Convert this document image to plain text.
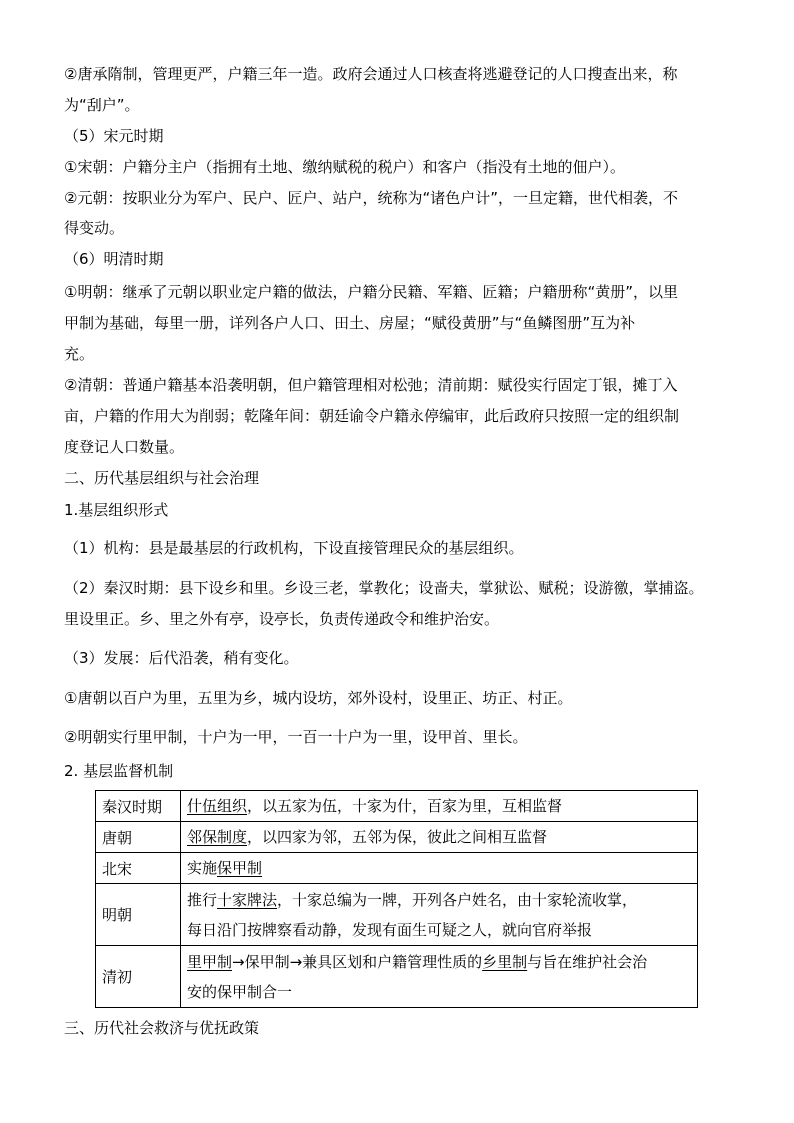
②唐承隋制，管理更严，户籍三年一造。政府会通过人口核查将逃避登记的人口搜查出来，称
为“刮户”。
（5）宋元时期
①宋朝：户籍分主户（指拥有土地、缴纳赋税的税户）和客户（指没有土地的佃户）。
②元朝：按职业分为军户、民户、匠户、站户，统称为“诸色户计”，一旦定籍，世代相袭，不
得变动。
（6）明清时期
①明朝：继承了元朝以职业定户籍的做法，户籍分民籍、军籍、匠籍；户籍册称“黄册”，以里
甲制为基础，每里一册，详列各户人口、田土、房屋；“赋役黄册”与“鱼鳞图册”互为补
充。
②清朝：普通户籍基本沿袭明朝，但户籍管理相对松弛；清前期：赋役实行固定丁银，摊丁入
亩，户籍的作用大为削弱；乾隆年间：朝廷谕令户籍永停编审，此后政府只按照一定的组织制
度登记人口数量。
二、历代基层组织与社会治理
1.基层组织形式
（1）机构：县是最基层的行政机构，下设直接管理民众的基层组织。
（2）秦汉时期：县下设乡和里。乡设三老，掌教化；设啬夫，掌狱讼、赋税；设游徼，掌捕盗。
里设里正。乡、里之外有亭，设亭长，负责传递政令和维护治安。
（3）发展：后代沿袭，稍有变化。
①唐朝以百户为里，五里为乡，城内设坊，郊外设村，设里正、坊正、村正。
②明朝实行里甲制，十户为一甲，一百一十户为一里，设甲首、里长。
2. 基层监督机制
秦汉时期	什伍组织，以五家为伍，十家为什，百家为里，互相监督
唐朝	邻保制度，以四家为邻，五邻为保，彼此之间相互监督
北宋	实施保甲制
明朝	推行十家牌法，十家总编为一牌，开列各户姓名，由十家轮流收掌，
每日沿门按牌察看动静，发现有面生可疑之人，就向官府举报

清初	里甲制→保甲制→兼具区划和户籍管理性质的乡里制与旨在维护社会治
安的保甲制合一
三、历代社会救济与优抚政策
